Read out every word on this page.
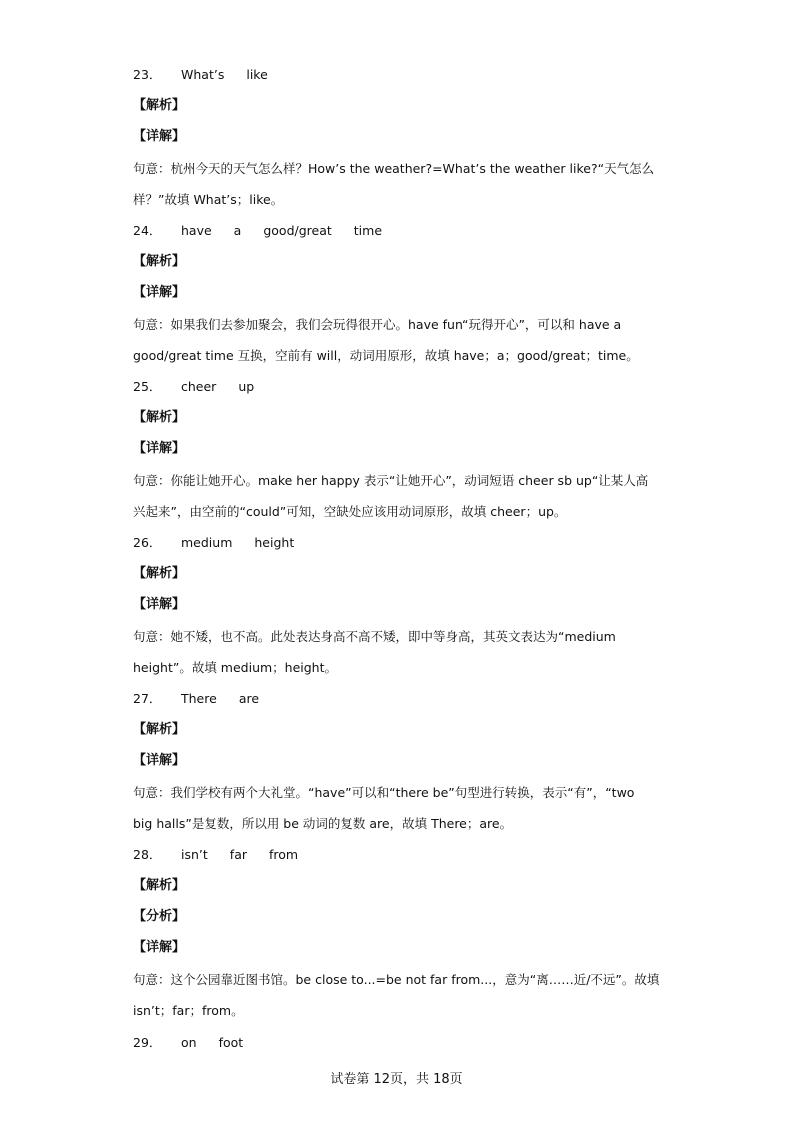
23． What’s like
【解析】
【详解】
句意：杭州今天的天气怎么样？How’s the weather?=What’s the weather like?“天气怎么
样？”故填 What’s；like。
24． have a good/great time
【解析】
【详解】
句意：如果我们去参加聚会，我们会玩得很开心。have fun“玩得开心”，可以和 have a
good/great time 互换，空前有 will，动词用原形，故填 have；a；good/great；time。
25． cheer up
【解析】
【详解】
句意：你能让她开心。make her happy 表示“让她开心”，动词短语 cheer sb up“让某人高
兴起来”，由空前的“could”可知，空缺处应该用动词原形，故填 cheer；up。
26． medium height
【解析】
【详解】
句意：她不矮，也不高。此处表达身高不高不矮，即中等身高，其英文表达为“medium
height”。故填 medium；height。
27． There are
【解析】
【详解】
句意：我们学校有两个大礼堂。“have”可以和“there be”句型进行转换，表示“有”，“two
big halls”是复数，所以用 be 动词的复数 are，故填 There；are。
28． isn’t far from
【解析】
【分析】
【详解】
句意：这个公园靠近图书馆。be close to...=be not far from...，意为“离……近/不远”。故填
isn’t；far；from。
29． on foot
试卷第 12页，共 18页
